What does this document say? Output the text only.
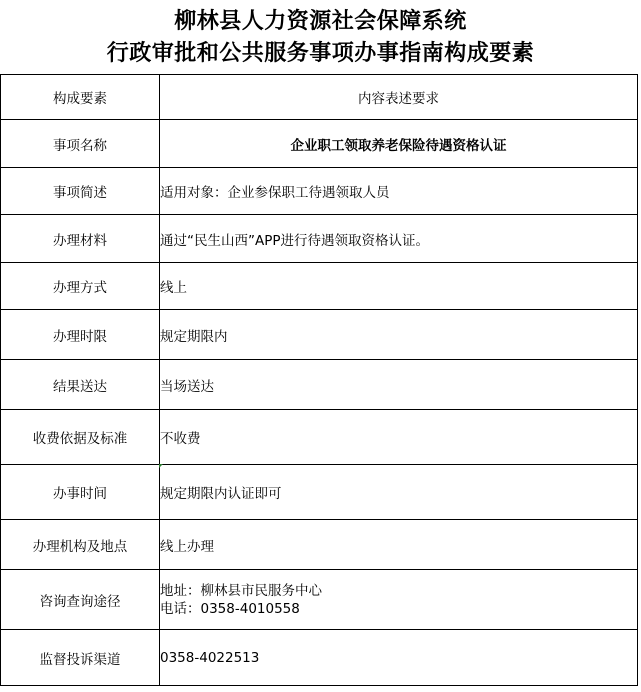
柳林县人力资源社会保障系统
行政审批和公共服务事项办事指南构成要素
构成要素	内容表述要求
事项名称	企业职工领取养老保险待遇资格认证
事项简述	适用对象：企业参保职工待遇领取人员
办理材料	通过“民生山西”APP进行待遇领取资格认证。
办理方式	线上
办理时限	规定期限内
结果送达	当场送达
收费依据及标准	不收费
办事时间	规定期限内认证即可
办理机构及地点	线上办理
咨询查询途径	地址：柳林县市民服务中心
电话：0358-4010558

监督投诉渠道	0358-4022513
